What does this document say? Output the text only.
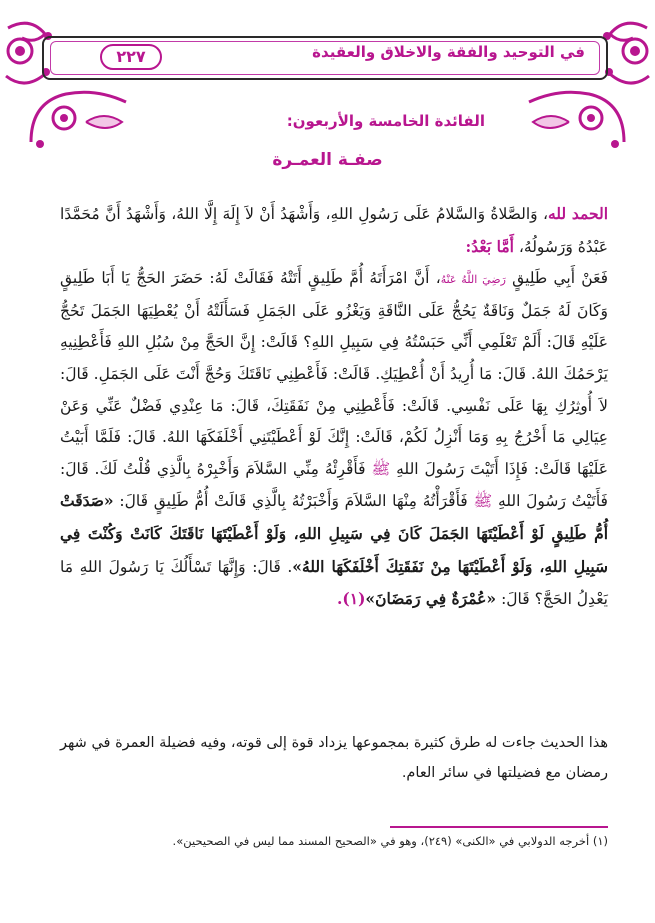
في التوحيد والفقة والاخلاق والعقيدة
٢٢٧
الفائدة الخامسة والأربعون:
صفـة العمـرة

الحمد لله، وَالصَّلاةُ وَالسَّلامُ عَلَى رَسُولِ اللهِ، وَأَشْهَدُ أَنْ لاَ إِلَهَ إِلَّا اللهُ، وَأَشْهَدُ أَنَّ مُحَمَّدًا عَبْدُهُ وَرَسُولُهُ، أَمَّا بَعْدُ:

فَعَنْ أَبِي طَلِيقٍ رَضِيَ اللَّهُ عَنْهُ، أَنَّ امْرَأَتَهُ أُمَّ طَلِيقٍ أَتَتْهُ فَقَالَتْ لَهُ: حَضَرَ الحَجُّ يَا أَبَا طَلِيقٍ وَكَانَ لَهُ جَمَلٌ وَنَاقَةٌ يَحُجُّ عَلَى النَّاقَةِ وَيَغْزُو عَلَى الجَمَلِ فَسَأَلَتْهُ أَنْ يُعْطِيَهَا الجَمَلَ تَحُجُّ عَلَيْهِ قَالَ: أَلَمْ تَعْلَمِي أَنِّي حَبَسْتُهُ فِي سَبِيلِ اللهِ؟ قَالَتْ: إِنَّ الحَجَّ مِنْ سُبُلِ اللهِ فَأَعْطِنِيهِ يَرْحَمُكَ اللهُ. قَالَ: مَا أُرِيدُ أَنْ أُعْطِيَكِ. قَالَتْ: فَأَعْطِنِي نَاقَتَكَ وَحُجَّ أَنْتَ عَلَى الجَمَلِ. قَالَ: لاَ أُوثِرُكِ بِهَا عَلَى نَفْسِي. قَالَتْ: فَأَعْطِنِي مِنْ نَفَقَتِكَ، قَالَ: مَا عِنْدِي فَضْلٌ عَنِّي وَعَنْ عِيَالِي مَا أَخْرُجُ بِهِ وَمَا أَنْزِلُ لَكُمْ، قَالَتْ: إِنَّكَ لَوْ أَعْطَيْتَنِي أَخْلَفَكَهَا اللهُ. قَالَ: فَلَمَّا أَبَيْتُ عَلَيْهَا قَالَتْ: فَإِذَا أَتَيْتَ رَسُولَ اللهِ ﷺ فَأَقْرِئْهُ مِنِّي السَّلاَمَ وَأَخْبِرْهُ بِالَّذِي قُلْتُ لَكَ. قَالَ: فَأَتَيْتُ رَسُولَ اللهِ ﷺ فَأَقْرَأْتُهُ مِنْهَا السَّلاَمَ وَأَخْبَرْتُهُ بِالَّذِي قَالَتْ أُمُّ طَلِيقٍ قَالَ: «صَدَقَتْ أُمُّ طَلِيقٍ لَوْ أَعْطَيْتَهَا الجَمَلَ كَانَ فِي سَبِيلِ اللهِ، وَلَوْ أَعْطَيْتَهَا نَاقَتَكَ كَانَتْ وَكُنْتَ فِي سَبِيلِ اللهِ، وَلَوْ أَعْطَيْتَهَا مِنْ نَفَقَتِكَ أَخْلَفَكَهَا اللهُ». قَالَ: وَإِنَّهَا تَسْأَلُكَ يَا رَسُولَ اللهِ مَا يَعْدِلُ الحَجَّ؟ قَالَ: «عُمْرَةٌ فِي رَمَضَانَ»(١).

هذا الحديث جاءت له طرق كثيرة بمجموعها يزداد قوة إلى قوته، وفيه فضيلة العمرة في شهر رمضان مع فضيلتها في سائر العام.
(١) أخرجه الدولابي في «الكنى» (٢٤٩)، وهو في «الصحيح المسند مما ليس في الصحيحين».
